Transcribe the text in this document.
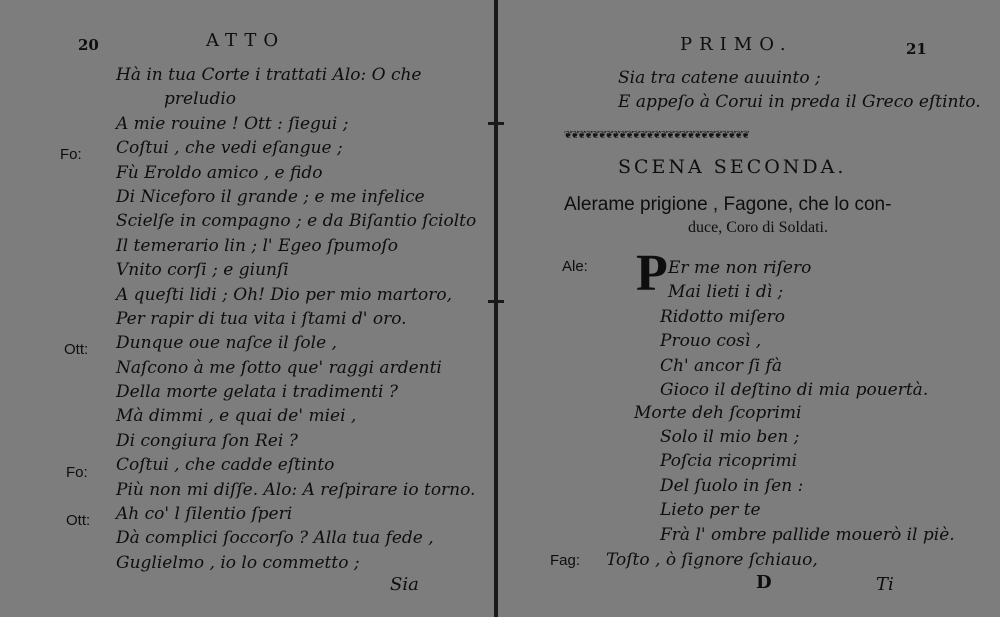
20	ATTO
Fo:
Ott:
Fo:
Ott:
Hà in tua Corte i trattati Alo: O che
preludio
A mie rouine ! Ott : ſiegui ;
Coſtui , che vedi eſangue ;
Fù Eroldo amico , e fido
Di Niceforo il grande ; e me infelice
Scielſe in compagno ; e da Biſantio ſciolto
Il temerario lin ; l' Egeo ſpumoſo
Vnito corſi ; e giunſi
A queſti lidi ; Oh! Dio per mio martoro,
Per rapir di tua vita i ſtami d' oro.
Dunque oue naſce il ſole ,
Naſcono à me ſotto que' raggi ardenti
Della morte gelata i tradimenti ?
Mà dimmi , e quai de' miei ,
Di congiura ſon Rei ?
Coſtui , che cadde eſtinto
Più non mi diſſe. Alo: A reſpirare io torno.
Ah co' l ſilentio ſperi
Dà complici ſoccorſo ? Alla tua fede ,
Guglielmo , io lo commetto ;
Sia
PRIMO.	21
Sia tra catene auuinto ;
E appeſo à Corui in preda il Greco eſtinto.
❦❦❦❦❦❦❦❦❦❦❦❦❦❦❦❦❦❦❦❦❦❦❦❦❦❦❦
SCENA SECONDA.
Alerame prigione , Fagone, che lo con-
duce, Coro di Soldati.
Ale: P Er me non riſero
Mai lieti i dì ;
Ridotto miſero
Prouo così ,
Ch' ancor ſi fà
Gioco il deſtino di mia pouertà.
Morte deh ſcoprimi
Solo il mio ben ;
Poſcia ricoprimi
Del ſuolo in ſen :
Lieto per te
Frà l' ombre pallide mouerò il piè.
Fag: Toſto , ò ſignore ſchiauo,
D	Ti
